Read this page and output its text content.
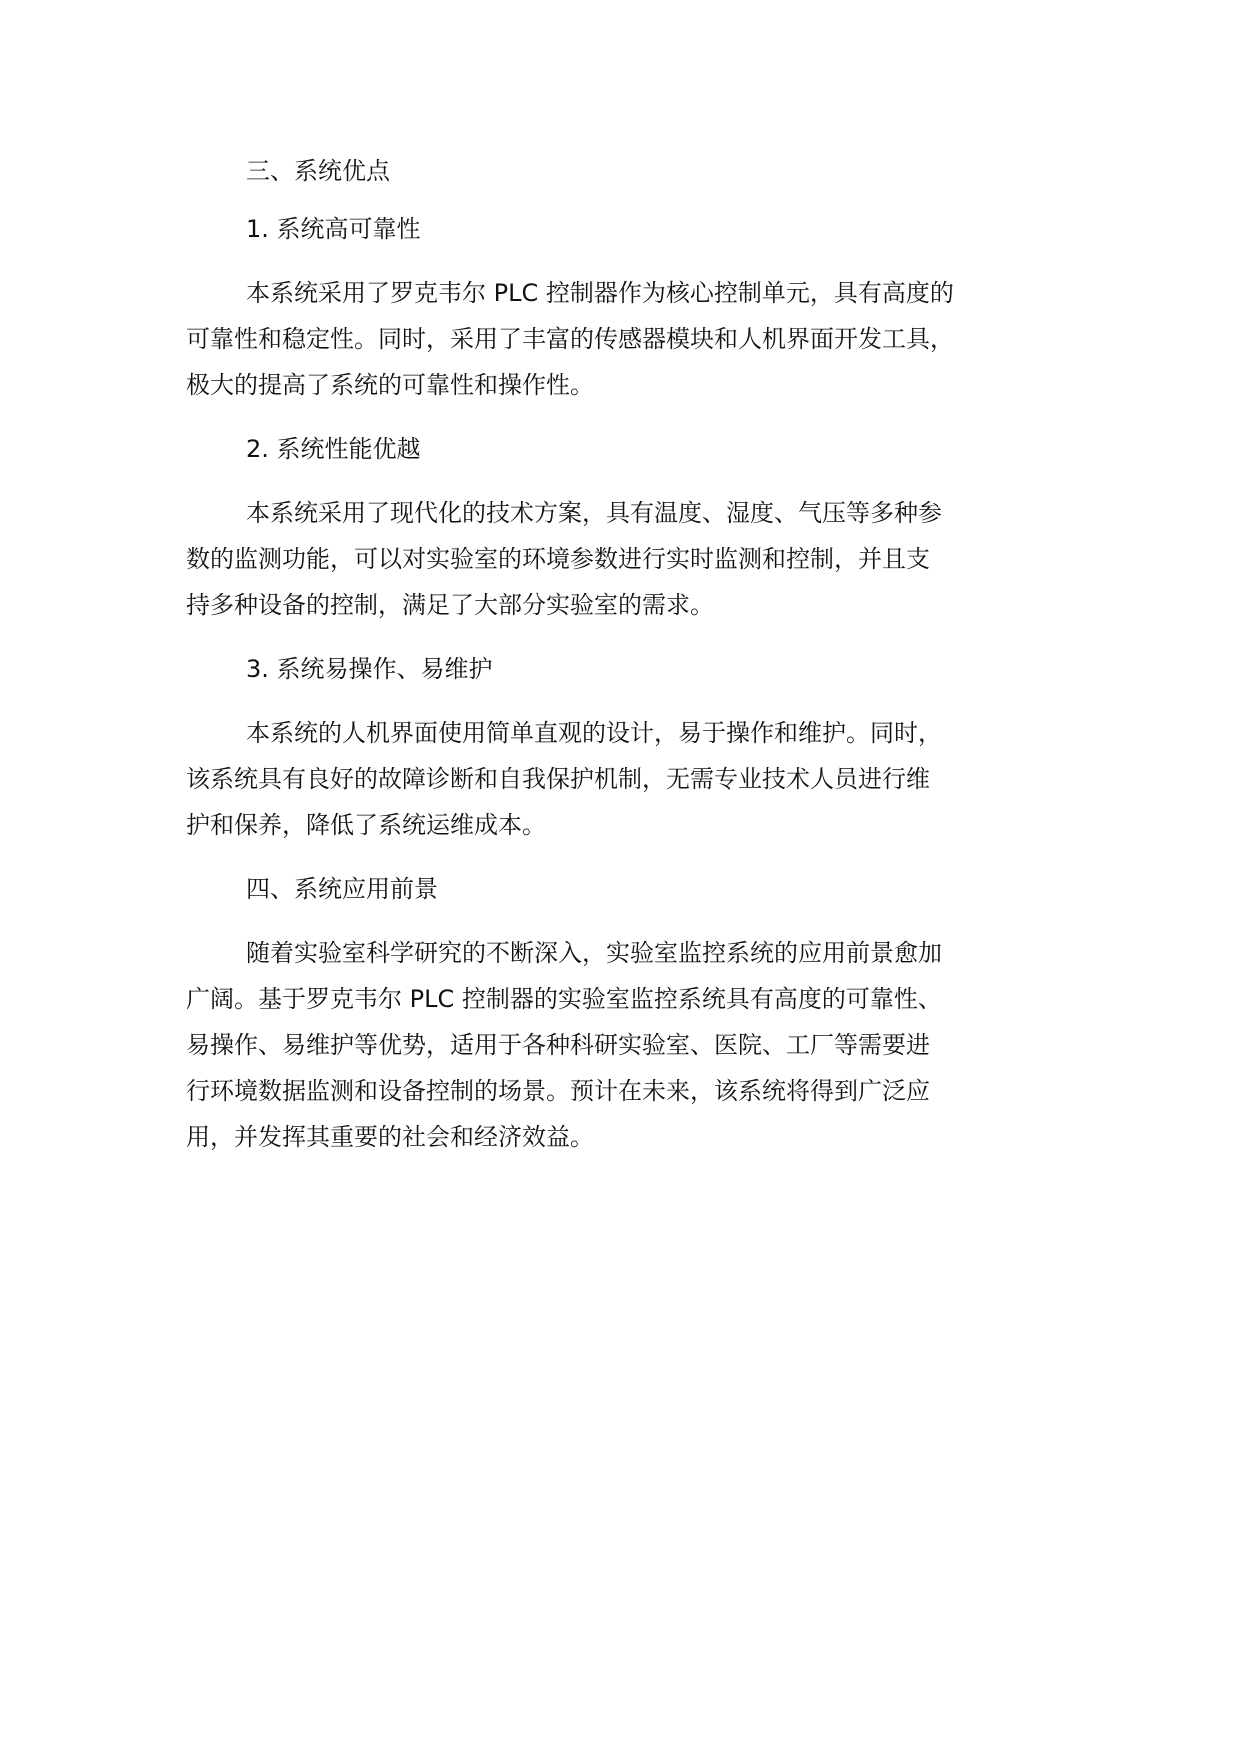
三、系统优点
1. 系统高可靠性
本系统采用了罗克韦尔 PLC 控制器作为核心控制单元，具有高度的
可靠性和稳定性。同时，采用了丰富的传感器模块和人机界面开发工具，
极大的提高了系统的可靠性和操作性。
2. 系统性能优越
本系统采用了现代化的技术方案，具有温度、湿度、气压等多种参
数的监测功能，可以对实验室的环境参数进行实时监测和控制，并且支
持多种设备的控制，满足了大部分实验室的需求。
3. 系统易操作、易维护
本系统的人机界面使用简单直观的设计，易于操作和维护。同时，
该系统具有良好的故障诊断和自我保护机制，无需专业技术人员进行维
护和保养，降低了系统运维成本。
四、系统应用前景
随着实验室科学研究的不断深入，实验室监控系统的应用前景愈加
广阔。基于罗克韦尔 PLC 控制器的实验室监控系统具有高度的可靠性、
易操作、易维护等优势，适用于各种科研实验室、医院、工厂等需要进
行环境数据监测和设备控制的场景。预计在未来，该系统将得到广泛应
用，并发挥其重要的社会和经济效益。
